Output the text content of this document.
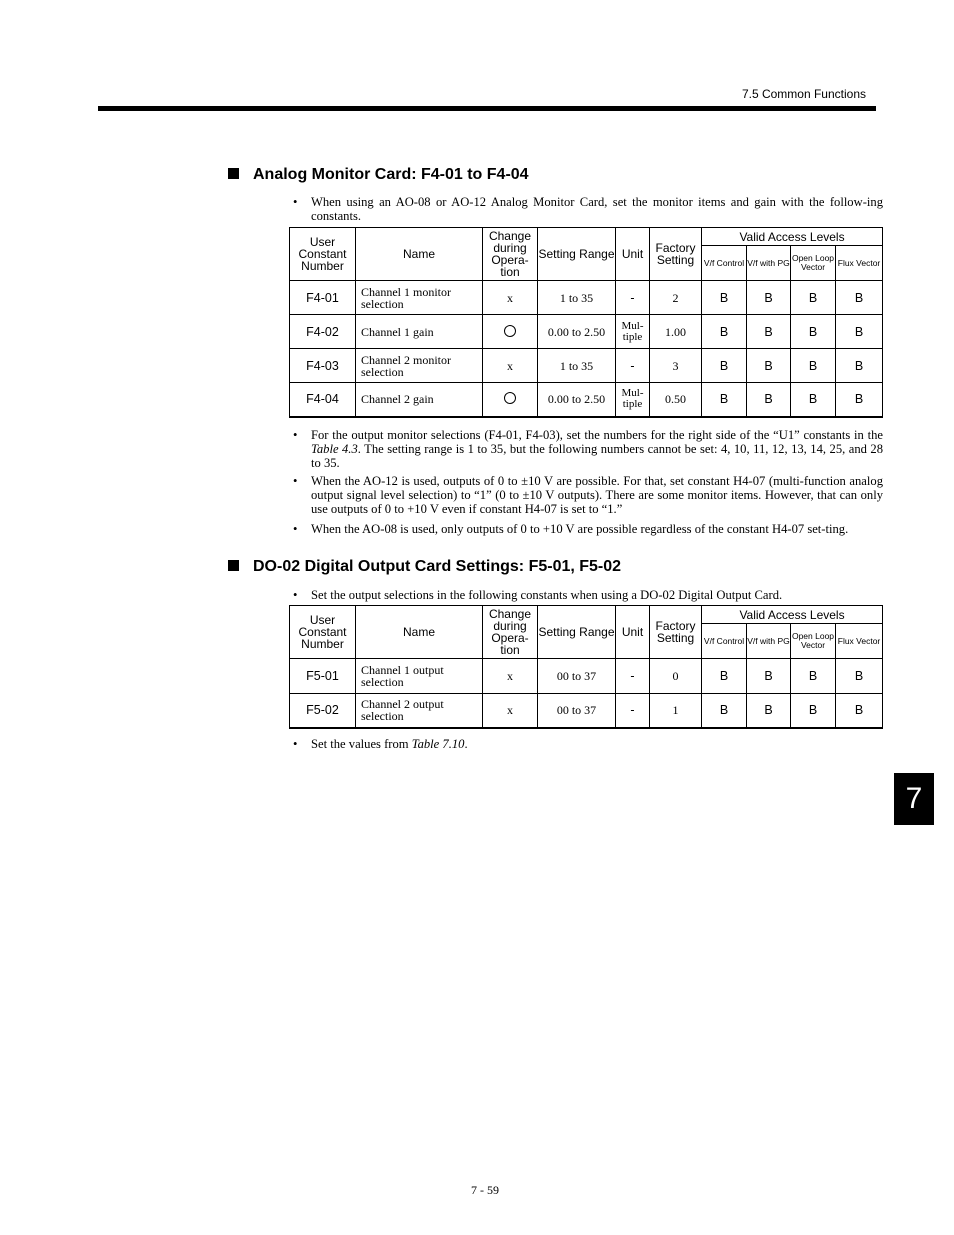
7.5 Common Functions
Analog Monitor Card: F4-01 to F4-04
• When using an AO-08 or AO-12 Analog Monitor Card, set the monitor items and gain with the follow-ing constants.
User Constant Number	Name	Change during Opera-tion	Setting Range	Unit	Factory Setting	Valid Access Levels			
						V/f Control	V/f with PG	Open Loop Vector	Flux Vector
F4-01	Channel 1 monitor selection	x	1 to 35	-	2	B	B	B	B
F4-02	Channel 1 gain		0.00 to 2.50	Mul-tiple	1.00	B	B	B	B
F4-03	Channel 2 monitor selection	x	1 to 35	-	3	B	B	B	B
F4-04	Channel 2 gain		0.00 to 2.50	Mul-tiple	0.50	B	B	B	B
• For the output monitor selections (F4-01, F4-03), set the numbers for the right side of the “U1” constants in the Table 4.3. The setting range is 1 to 35, but the following numbers cannot be set: 4, 10, 11, 12, 13, 14, 25, and 28 to 35.
• When the AO-12 is used, outputs of 0 to ±10 V are possible. For that, set constant H4-07 (multi-function analog output signal level selection) to “1” (0 to ±10 V outputs). There are some monitor items. However, that can only use outputs of 0 to +10 V even if constant H4-07 is set to “1.”
• When the AO-08 is used, only outputs of 0 to +10 V are possible regardless of the constant H4-07 set-ting.
DO-02 Digital Output Card Settings: F5-01, F5-02
• Set the output selections in the following constants when using a DO-02 Digital Output Card.
User Constant Number	Name	Change during Opera-tion	Setting Range	Unit	Factory Setting	Valid Access Levels			
						V/f Control	V/f with PG	Open Loop Vector	Flux Vector
F5-01	Channel 1 output selection	x	00 to 37	-	0	B	B	B	B
F5-02	Channel 2 output selection	x	00 to 37	-	1	B	B	B	B
• Set the values from Table 7.10.
7
7 - 59
